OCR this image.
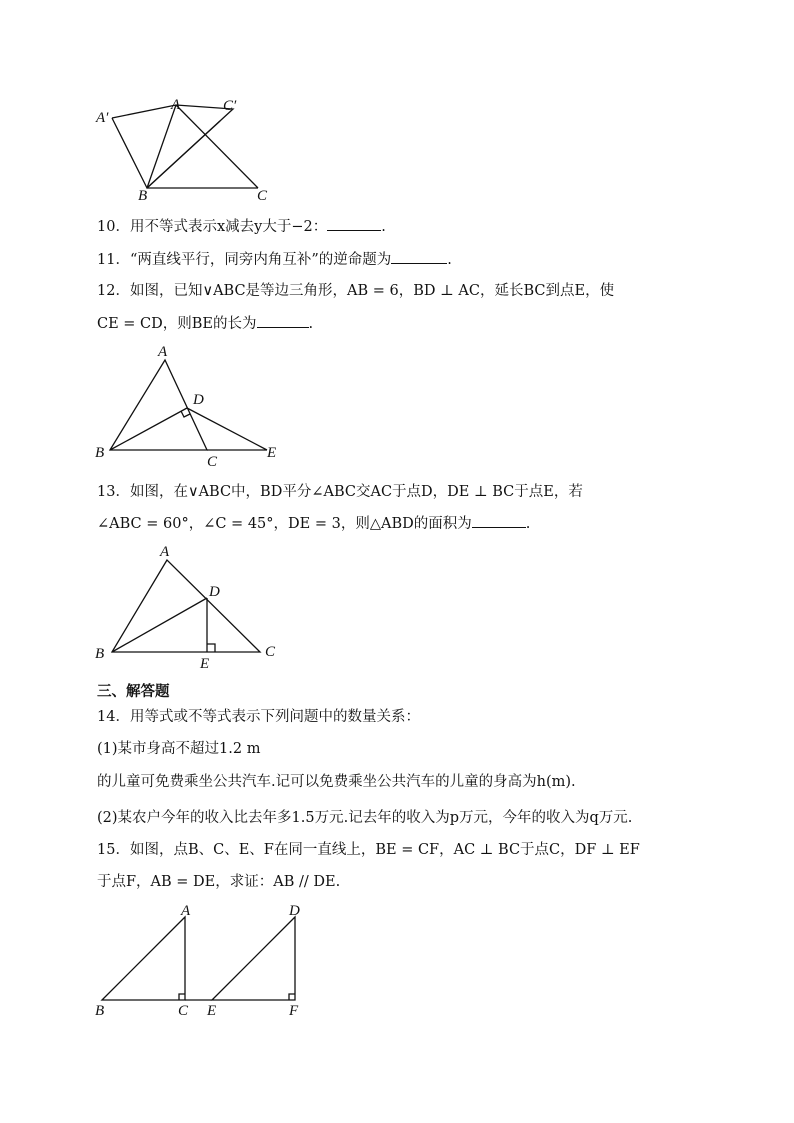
A′
A	C′
B	C
10．用不等式表示x减去y大于−2：	.
11．“两直线平行，同旁内角互补”的逆命题为	.
12．如图，已知∨ABC是等边三角形，AB = 6，BD ⊥ AC，延长BC到点E，使
CE = CD，则BE的长为	.
A
D
B
C
E
13．如图，在∨ABC中，BD平分∠ABC交AC于点D，DE ⊥ BC于点E，若
∠ABC = 60°，∠C = 45°，DE = 3，则△ABD的面积为	.
A
D
B
E
C
三、解答题
14．用等式或不等式表示下列问题中的数量关系：
(1)某市身高不超过1.2 m
的儿童可免费乘坐公共汽车.记可以免费乘坐公共汽车的儿童的身高为h(m).
(2)某农户今年的收入比去年多1.5万元.记去年的收入为p万元，今年的收入为q万元.
15．如图，点B、C、E、F在同一直线上，BE = CF，AC ⊥ BC于点C，DF ⊥ EF
于点F，AB = DE，求证：AB // DE.
A	D
B	C E	F
